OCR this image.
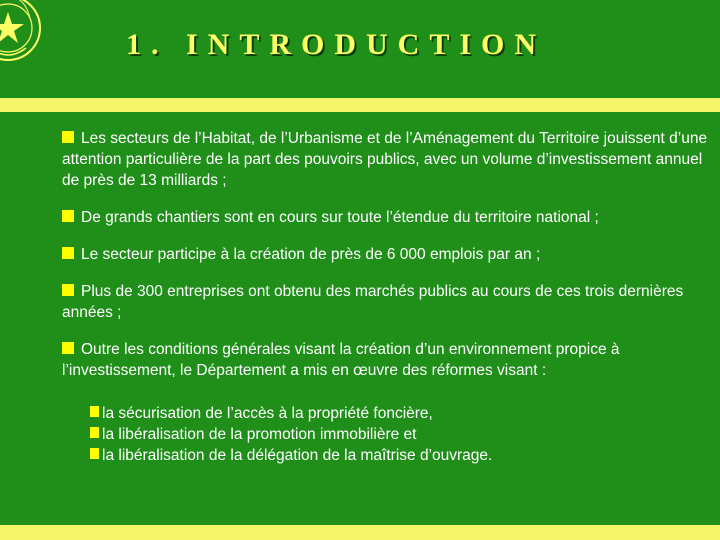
1. INTRODUCTION

Les secteurs de l’Habitat, de l’Urbanisme et de l’Aménagement du Territoire jouissent d’une attention particulière de la part des pouvoirs publics, avec un volume d’investissement annuel de près de 13 milliards ;

De grands chantiers sont en cours sur toute l’étendue du territoire national ;

Le secteur participe à la création de près de 6 000 emplois par an ;

Plus de 300 entreprises ont obtenu des marchés publics au cours de ces trois dernières années ;

Outre les conditions générales visant la création d’un environnement propice à l’investissement, le Département a mis en œuvre des réformes visant :

la sécurisation de l’accès à la propriété foncière,

la libéralisation de la promotion immobilière et

la libéralisation de la délégation de la maîtrise d’ouvrage.
